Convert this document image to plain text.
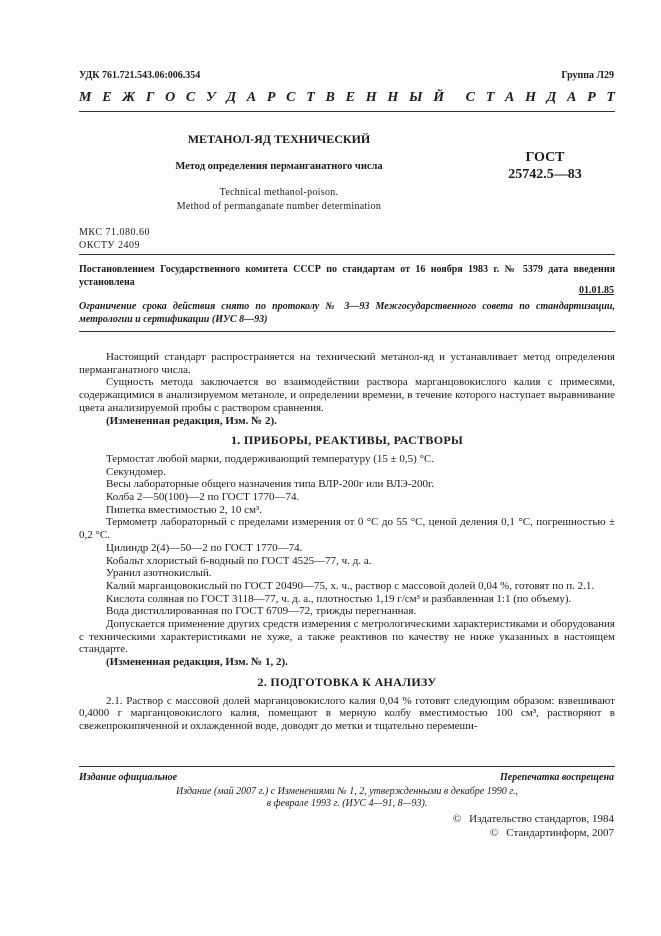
УДК 761.721.543.06:006.354	Группа Л29
М Е Ж Г О С У Д А Р С Т В Е Н Н Ы Й С Т А Н Д А Р Т
МЕТАНОЛ-ЯД ТЕХНИЧЕСКИЙ
Метод определения перманганатного числа
ГОСТ
25742.5—83
Technical methanol-poison.
Method of permanganate number determination
МКС 71.080.60
ОКСТУ 2409
Постановлением Государственного комитета СССР по стандартам от 16 ноября 1983 г. № 5379 дата введения установлена
01.01.85
Ограничение срока действия снято по протоколу № 3—93 Межгосударственного совета по стандартизации, метрологии и сертификации (ИУС 8—93)

Настоящий стандарт распространяется на технический метанол-яд и устанавливает метод определения перманганатного числа.

Сущность метода заключается во взаимодействии раствора марганцовокислого калия с примесями, содержащимися в анализируемом метаноле, и определении времени, в течение которого наступает выравнивание цвета анализируемой пробы с раствором сравнения.

(Измененная редакция, Изм. № 2).

1. ПРИБОРЫ, РЕАКТИВЫ, РАСТВОРЫ

Термостат любой марки, поддерживающий температуру (15 ± 0,5) °С.

Секундомер.

Весы лабораторные общего назначения типа ВЛР-200г или ВЛЭ-200г.

Колба 2—50(100)—2 по ГОСТ 1770—74.

Пипетка вместимостью 2, 10 см³.

Термометр лабораторный с пределами измерения от 0 °С до 55 °С, ценой деления 0,1 °С, погрешностью ± 0,2 °С.

Цилиндр 2(4)—50—2 по ГОСТ 1770—74.

Кобальт хлористый 6-водный по ГОСТ 4525—77, ч. д. а.

Уранил азотнокислый.

Калий марганцовокислый по ГОСТ 20490—75, х. ч., раствор с массовой долей 0,04 %, готовят по п. 2.1.

Кислота соляная по ГОСТ 3118—77, ч. д. а., плотностью 1,19 г/см³ и разбавленная 1:1 (по объему).

Вода дистиллированная по ГОСТ 6709—72, трижды перегнанная.

Допускается применение других средств измерения с метрологическими характеристиками и оборудования с техническими характеристиками не хуже, а также реактивов по качеству не ниже указанных в настоящем стандарте.

(Измененная редакция, Изм. № 1, 2).

2. ПОДГОТОВКА К АНАЛИЗУ

2.1. Раствор с массовой долей марганцовокислого калия 0,04 % готовят следующим образом: взвешивают 0,4000 г марганцовокислого калия, помещают в мерную колбу вместимостью 100 см³, растворяют в свежепрокипяченной и охлажденной воде, доводят до метки и тщательно перемеши-

Издание официальное	Перепечатка воспрещена
Издание (май 2007 г.) с Изменениями № 1, 2, утвержденными в декабре 1990 г.,
в феврале 1993 г. (ИУС 4—91, 8—93).
© Издательство стандартов, 1984
© Стандартинформ, 2007
